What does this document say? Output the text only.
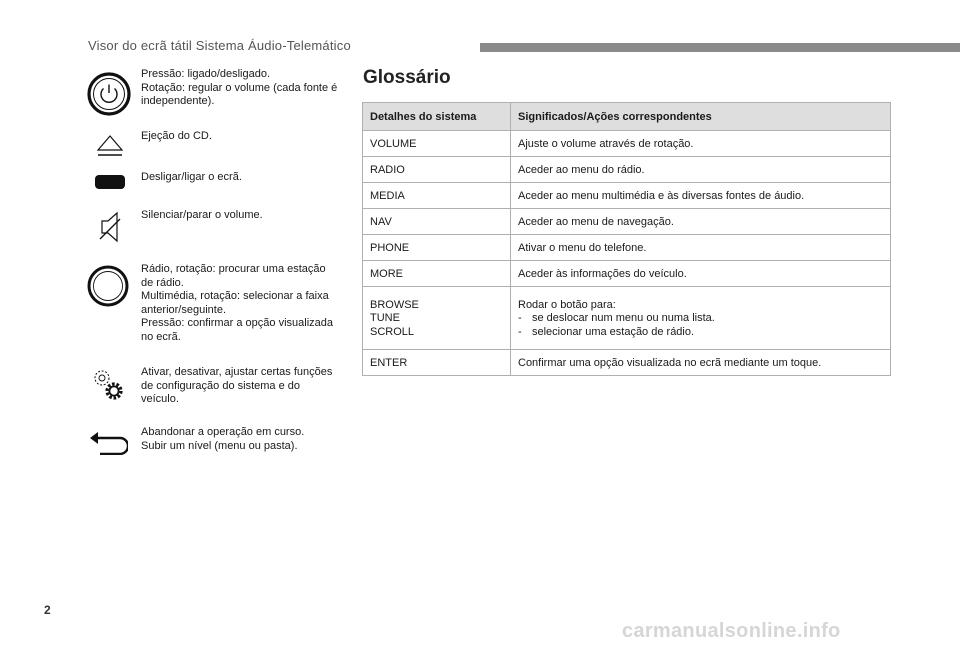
Visor do ecrã tátil Sistema Áudio-Telemático
Pressão: ligado/desligado.
Rotação: regular o volume (cada fonte é
independente).
Ejeção do CD.
Desligar/ligar o ecrã.
Silenciar/parar o volume.
Rádio, rotação: procurar uma estação
de rádio.
Multimédia, rotação: selecionar a faixa
anterior/seguinte.
Pressão: confirmar a opção visualizada
no ecrã.
Ativar, desativar, ajustar certas funções
de configuração do sistema e do
veículo.
Abandonar a operação em curso.
Subir um nível (menu ou pasta).
Glossário
Detalhes do sistema	Significados/Ações correspondentes
VOLUME	Ajuste o volume através de rotação.
RADIO	Aceder ao menu do rádio.
MEDIA	Aceder ao menu multimédia e às diversas fontes de áudio.
NAV	Aceder ao menu de navegação.
PHONE	Ativar o menu do telefone.
MORE	Aceder às informações do veículo.

BROWSE
TUNE
SCROLL	Rodar o botão para:
- se deslocar num menu ou numa lista.
- selecionar uma estação de rádio.

ENTER	Confirmar uma opção visualizada no ecrã mediante um toque.
2
carmanualsonline.info
